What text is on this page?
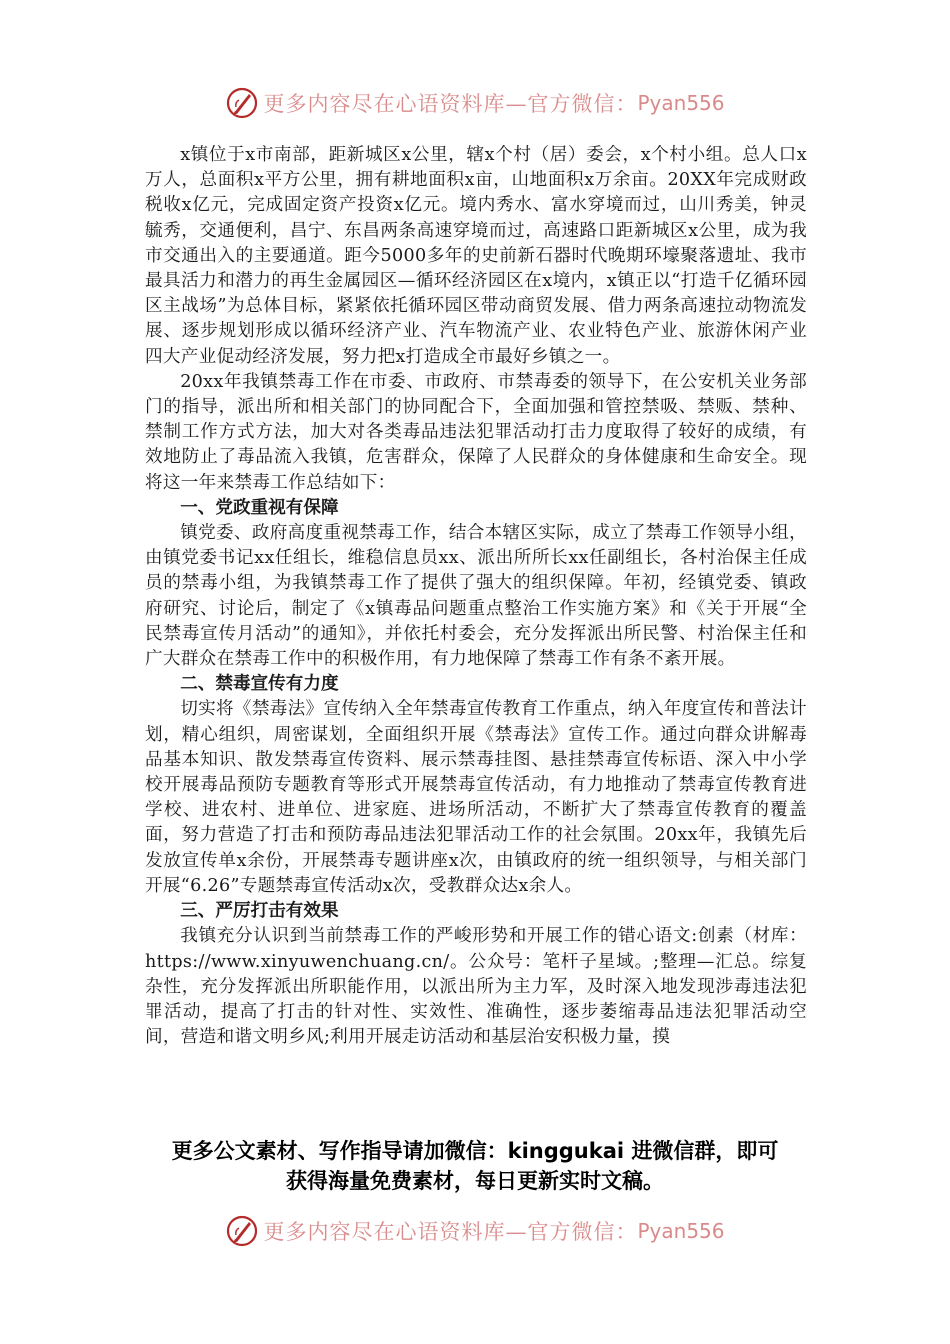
更多内容尽在心语资料库—官方微信： Pyan556

x镇位于x市南部，距新城区x公里，辖x个村（居）委会，x个村小组。总人口x万人，总面积x平方公里，拥有耕地面积x亩，山地面积x万余亩。20XX年完成财政税收x亿元，完成固定资产投资x亿元。境内秀水、富水穿境而过，山川秀美，钟灵毓秀，交通便利，昌宁、东昌两条高速穿境而过，高速路口距新城区x公里，成为我市交通出入的主要通道。距今5000多年的史前新石器时代晚期环壕聚落遗址、我市最具活力和潜力的再生金属园区—循环经济园区在x境内，x镇正以“打造千亿循环园区主战场”为总体目标，紧紧依托循环园区带动商贸发展、借力两条高速拉动物流发展、逐步规划形成以循环经济产业、汽车物流产业、农业特色产业、旅游休闲产业四大产业促动经济发展，努力把x打造成全市最好乡镇之一。

20xx年我镇禁毒工作在市委、市政府、市禁毒委的领导下，在公安机关业务部门的指导，派出所和相关部门的协同配合下，全面加强和管控禁吸、禁贩、禁种、禁制工作方式方法，加大对各类毒品违法犯罪活动打击力度取得了较好的成绩，有效地防止了毒品流入我镇，危害群众，保障了人民群众的身体健康和生命安全。现将这一年来禁毒工作总结如下：

一、党政重视有保障

镇党委、政府高度重视禁毒工作，结合本辖区实际，成立了禁毒工作领导小组，由镇党委书记xx任组长，维稳信息员xx、派出所所长xx任副组长，各村治保主任成员的禁毒小组，为我镇禁毒工作了提供了强大的组织保障。年初，经镇党委、镇政府研究、讨论后，制定了《x镇毒品问题重点整治工作实施方案》和《关于开展“全民禁毒宣传月活动”的通知》，并依托村委会，充分发挥派出所民警、村治保主任和广大群众在禁毒工作中的积极作用，有力地保障了禁毒工作有条不紊开展。

二、禁毒宣传有力度

切实将《禁毒法》宣传纳入全年禁毒宣传教育工作重点，纳入年度宣传和普法计划，精心组织，周密谋划，全面组织开展《禁毒法》宣传工作。通过向群众讲解毒品基本知识、散发禁毒宣传资料、展示禁毒挂图、悬挂禁毒宣传标语、深入中小学校开展毒品预防专题教育等形式开展禁毒宣传活动，有力地推动了禁毒宣传教育进学校、进农村、进单位、进家庭、进场所活动，不断扩大了禁毒宣传教育的覆盖面，努力营造了打击和预防毒品违法犯罪活动工作的社会氛围。20xx年，我镇先后发放宣传单x余份，开展禁毒专题讲座x次，由镇政府的统一组织领导，与相关部门开展“6.26”专题禁毒宣传活动x次，受教群众达x余人。

三、严厉打击有效果

我镇充分认识到当前禁毒工作的严峻形势和开展工作的错心语文:创素（材库：https://www.xinyuwenchuang.cn/。公众号：笔杆子星域。;整理—汇总。综复杂性，充分发挥派出所职能作用，以派出所为主力军，及时深入地发现涉毒违法犯罪活动，提高了打击的针对性、实效性、准确性，逐步萎缩毒品违法犯罪活动空间，营造和谐文明乡风;利用开展走访活动和基层治安积极力量，摸

更多公文素材、写作指导请加微信：kinggukai 进微信群，即可
获得海量免费素材，每日更新实时文稿。
更多内容尽在心语资料库—官方微信： Pyan556
